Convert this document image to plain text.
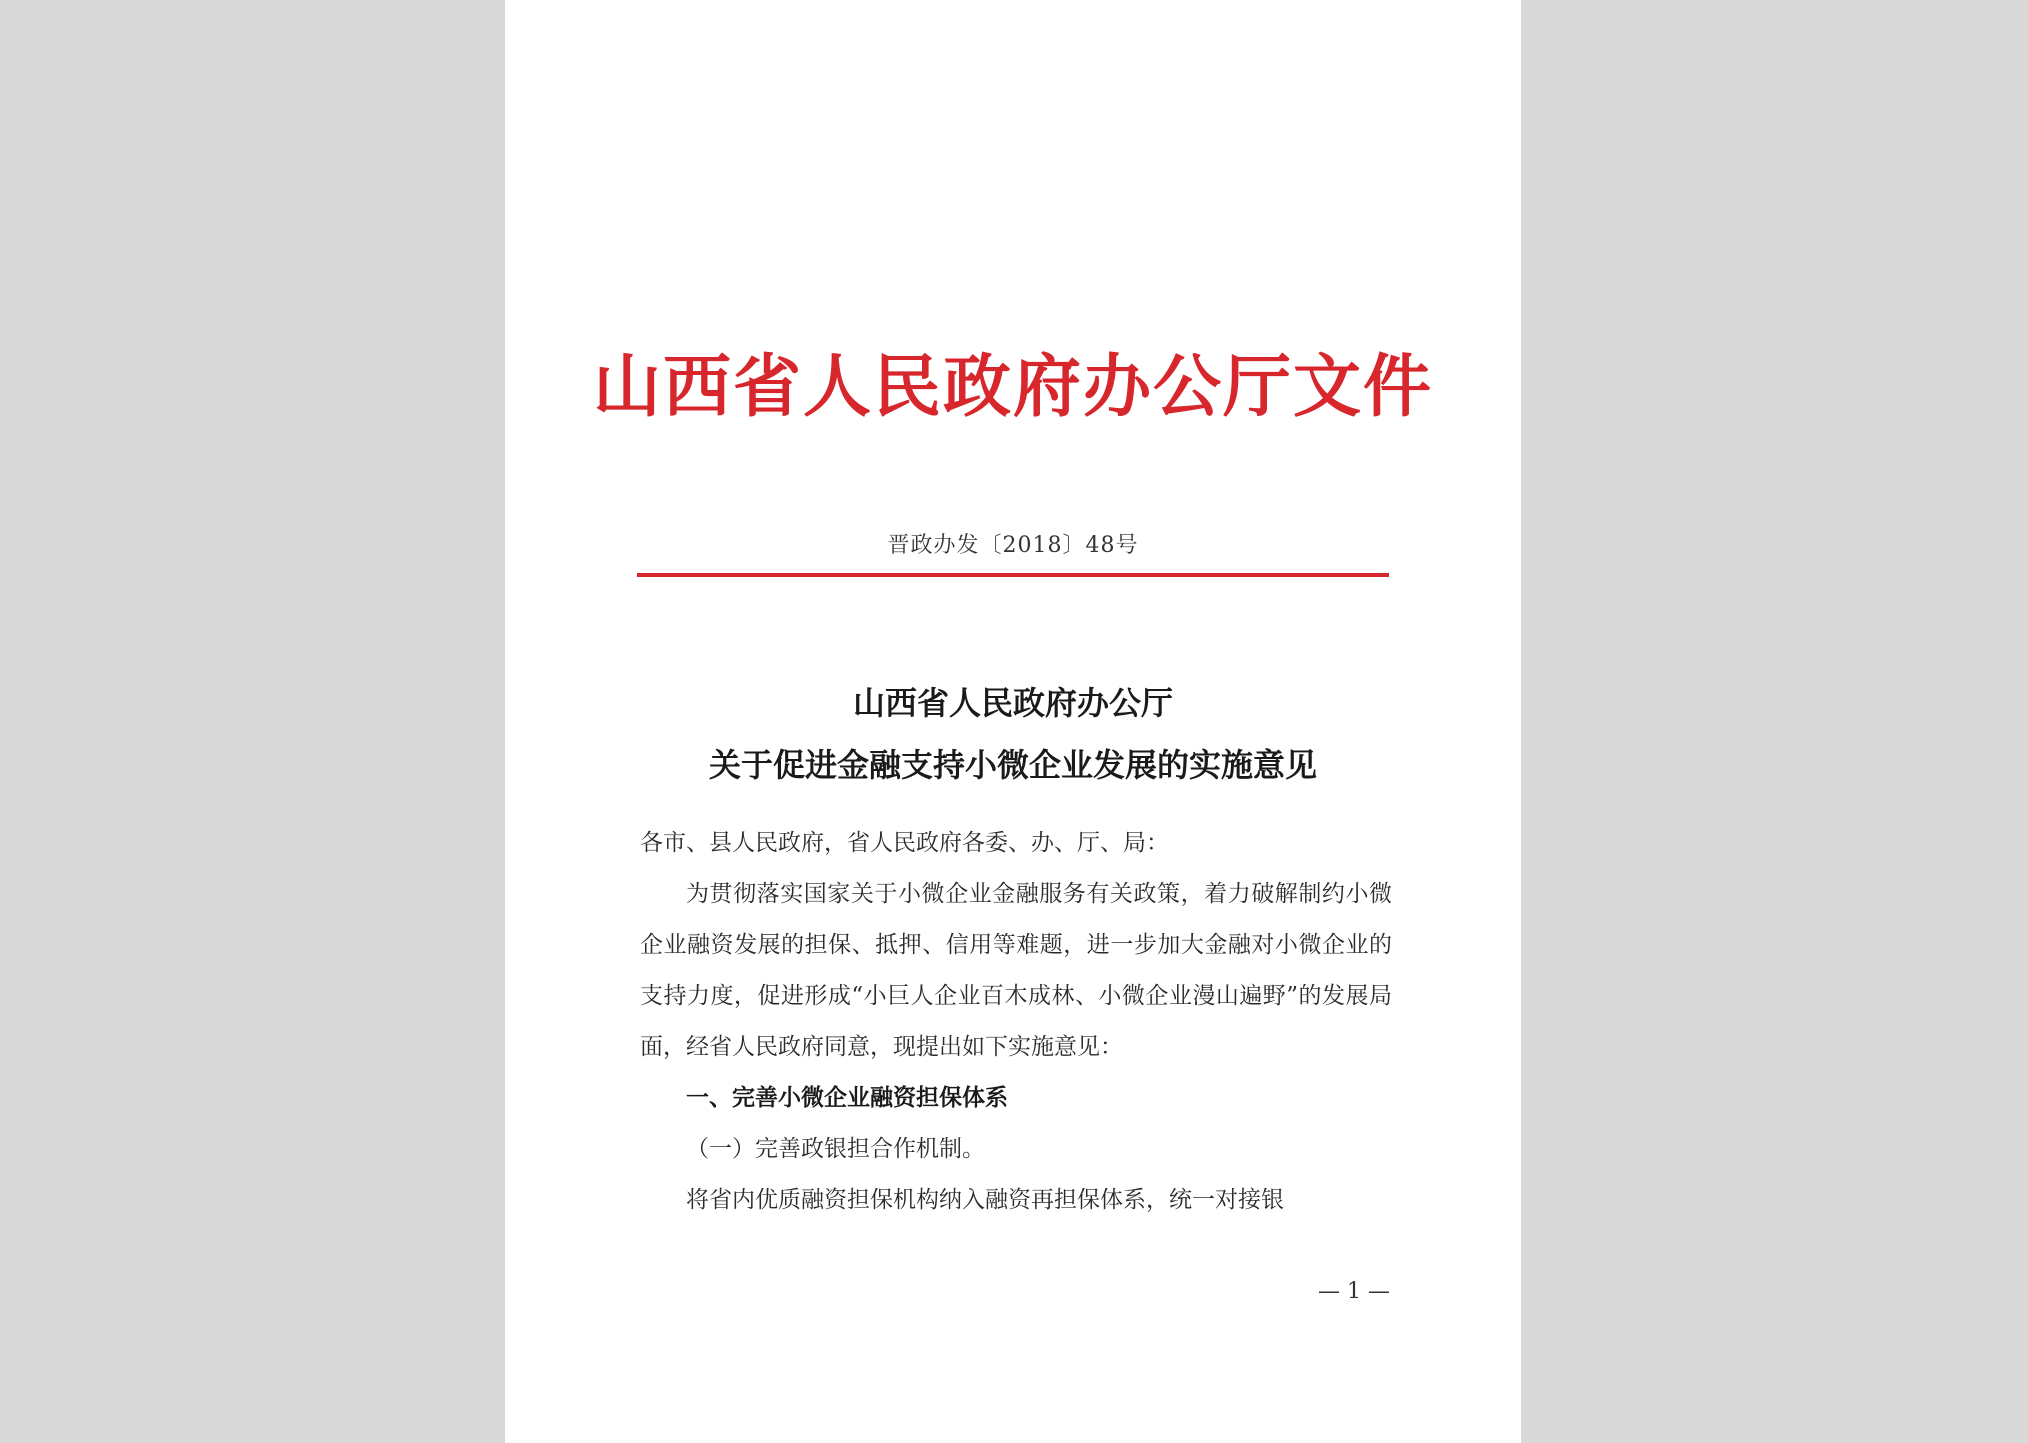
山西省人民政府办公厅文件
晋政办发〔2018〕48号
山西省人民政府办公厅
关于促进金融支持小微企业发展的实施意见

各市、县人民政府，省人民政府各委、办、厅、局：

为贯彻落实国家关于小微企业金融服务有关政策，着力破解制约小微企业融资发展的担保、抵押、信用等难题，进一步加大金融对小微企业的支持力度，促进形成“小巨人企业百木成林、小微企业漫山遍野”的发展局面，经省人民政府同意，现提出如下实施意见：

一、完善小微企业融资担保体系

（一）完善政银担合作机制。

将省内优质融资担保机构纳入融资再担保体系，统一对接银

— 1 —
